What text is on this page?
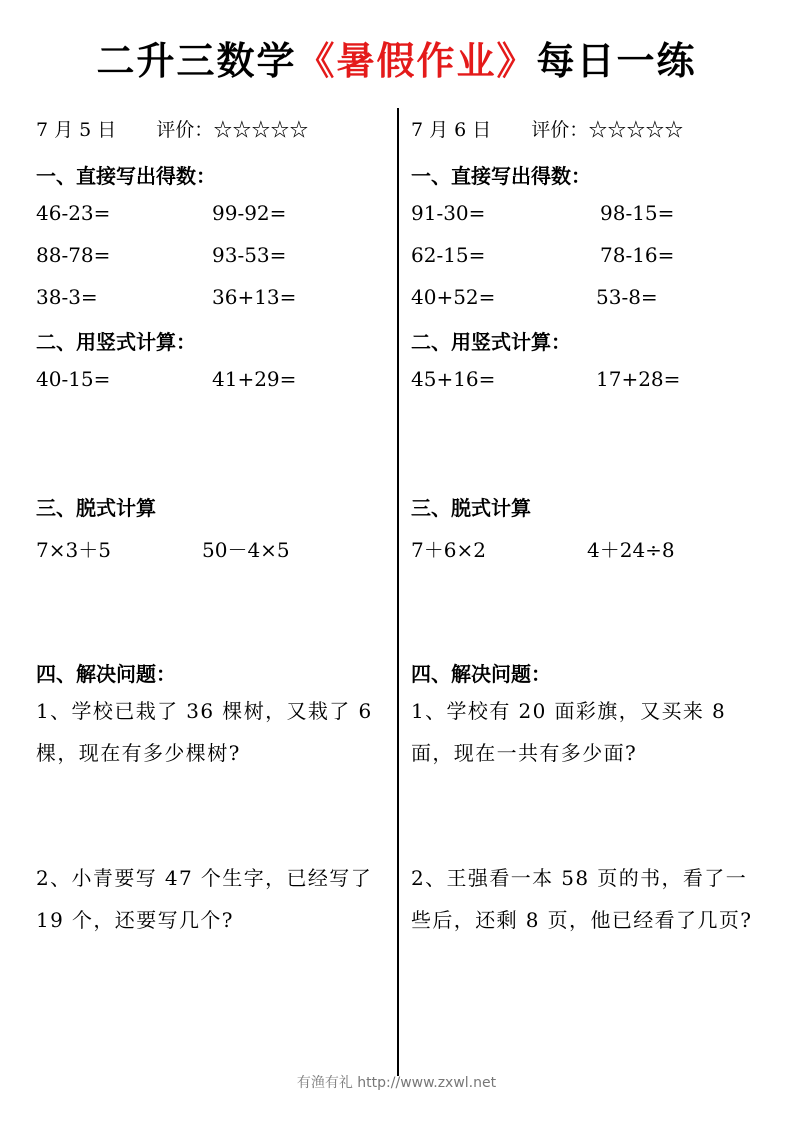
二升三数学《暑假作业》每日一练
7 月 5 日 评价：☆☆☆☆☆
一、直接写出得数：
46-23=	99-92=
88-78=	93-53=
38-3=	36+13=
二、用竖式计算：
40-15=	41+29=
三、脱式计算
7×3＋5	50－4×5
四、解决问题：
1、学校已栽了 36 棵树，又栽了 6 棵，现在有多少棵树?
2、小青要写 47 个生字，已经写了 19 个，还要写几个?
7 月 6 日 评价：☆☆☆☆☆
一、直接写出得数：
91-30=	98-15=
62-15=	78-16=
40+52=	53-8=
二、用竖式计算：
45+16=	17+28=
三、脱式计算
7＋6×2	4＋24÷8
四、解决问题：
1、学校有 20 面彩旗，又买来 8 面，现在一共有多少面?
2、王强看一本 58 页的书，看了一些后，还剩 8 页，他已经看了几页?
有渔有礼 http://www.zxwl.net
